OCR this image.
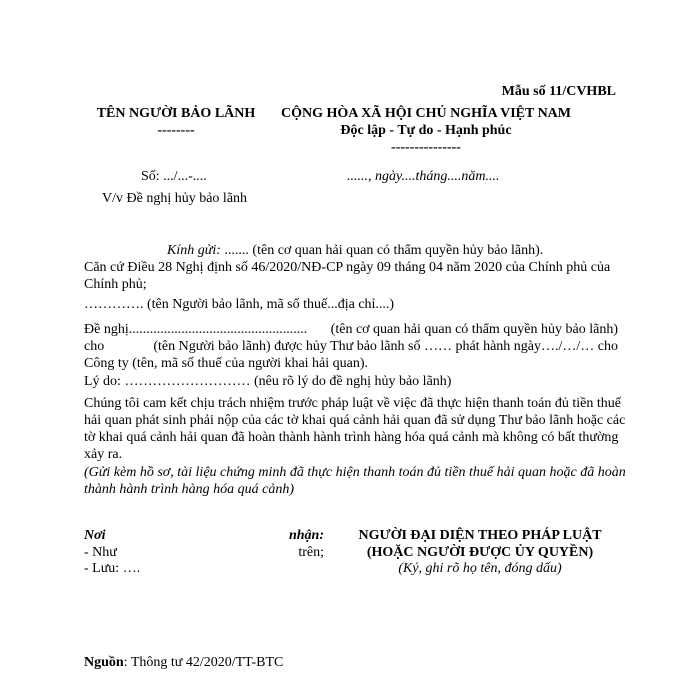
Mẫu số 11/CVHBL
TÊN NGƯỜI BẢO LÃNH
--------
CỘNG HÒA XÃ HỘI CHỦ NGHĨA VIỆT NAM
Độc lập - Tự do - Hạnh phúc
---------------
Số: .../...-....	......, ngày....tháng....năm....
V/v Đề nghị hủy bảo lãnh
Kính gửi: ....... (tên cơ quan hải quan có thẩm quyền hủy bảo lãnh).
Căn cứ Điều 28 Nghị định số 46/2020/NĐ-CP ngày 09 tháng 04 năm 2020 của Chính phủ của
Chính phủ;
…………. (tên Người bảo lãnh, mã số thuế...địa chỉ....)
Đề nghị................................................... (tên cơ quan hải quan có thẩm quyền hủy bảo lãnh)
cho	(tên Người bảo lãnh) được hủy Thư bảo lãnh số …… phát hành ngày…./…/… cho
Công ty (tên, mã số thuế của người khai hải quan).
Lý do: ……………………… (nêu rõ lý do đề nghị hủy bảo lãnh)
Chúng tôi cam kết chịu trách nhiệm trước pháp luật về việc đã thực hiện thanh toán đủ tiền thuế
hải quan phát sinh phải nộp của các tờ khai quá cảnh hải quan đã sử dụng Thư bảo lãnh hoặc các
tờ khai quá cảnh hải quan đã hoàn thành hành trình hàng hóa quá cảnh mà không có bất thường
xảy ra.
(Gửi kèm hồ sơ, tài liệu chứng minh đã thực hiện thanh toán đủ tiền thuế hải quan hoặc đã hoàn
thành hành trình hàng hóa quá cảnh)
Nơi	nhận:
- Như	trên;
- Lưu: ….
NGƯỜI ĐẠI DIỆN THEO PHÁP LUẬT
(HOẶC NGƯỜI ĐƯỢC ỦY QUYỀN)
(Ký, ghi rõ họ tên, đóng dấu)
Nguồn: Thông tư 42/2020/TT-BTC
